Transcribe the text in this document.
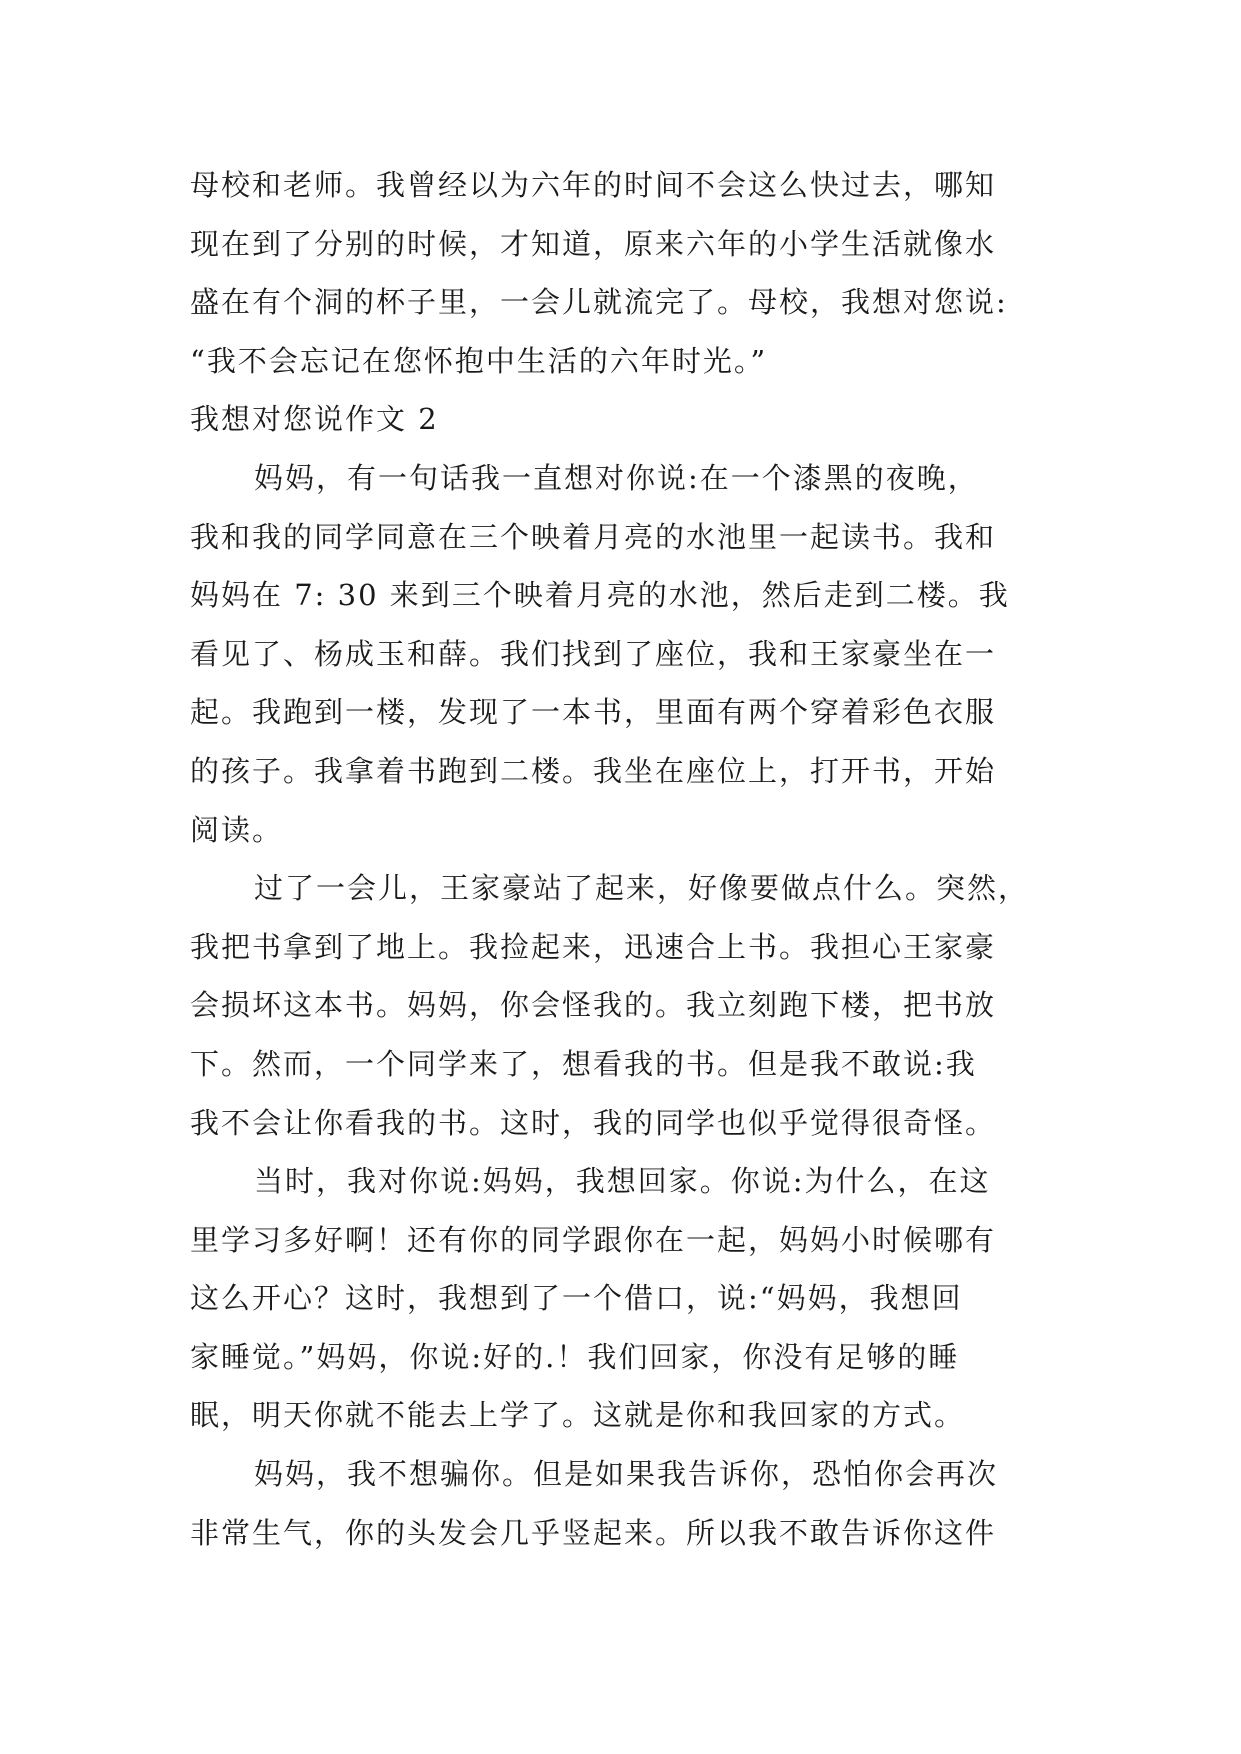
母校和老师。我曾经以为六年的时间不会这么快过去，哪知
现在到了分别的时候，才知道，原来六年的小学生活就像水
盛在有个洞的杯子里，一会儿就流完了。母校，我想对您说:
“我不会忘记在您怀抱中生活的六年时光。”
我想对您说作文 2
妈妈，有一句话我一直想对你说:在一个漆黑的夜晚，
我和我的同学同意在三个映着月亮的水池里一起读书。我和
妈妈在 7: 30 来到三个映着月亮的水池，然后走到二楼。我
看见了、杨成玉和薛。我们找到了座位，我和王家豪坐在一
起。我跑到一楼，发现了一本书，里面有两个穿着彩色衣服
的孩子。我拿着书跑到二楼。我坐在座位上，打开书，开始
阅读。
过了一会儿，王家豪站了起来，好像要做点什么。突然，
我把书拿到了地上。我捡起来，迅速合上书。我担心王家豪
会损坏这本书。妈妈，你会怪我的。我立刻跑下楼，把书放
下。然而，一个同学来了，想看我的书。但是我不敢说:我
我不会让你看我的书。这时，我的同学也似乎觉得很奇怪。
当时，我对你说:妈妈，我想回家。你说:为什么，在这
里学习多好啊！还有你的同学跟你在一起，妈妈小时候哪有
这么开心？这时，我想到了一个借口，说:“妈妈，我想回
家睡觉。”妈妈，你说:好的.！我们回家，你没有足够的睡
眠，明天你就不能去上学了。这就是你和我回家的方式。
妈妈，我不想骗你。但是如果我告诉你，恐怕你会再次
非常生气，你的头发会几乎竖起来。所以我不敢告诉你这件
